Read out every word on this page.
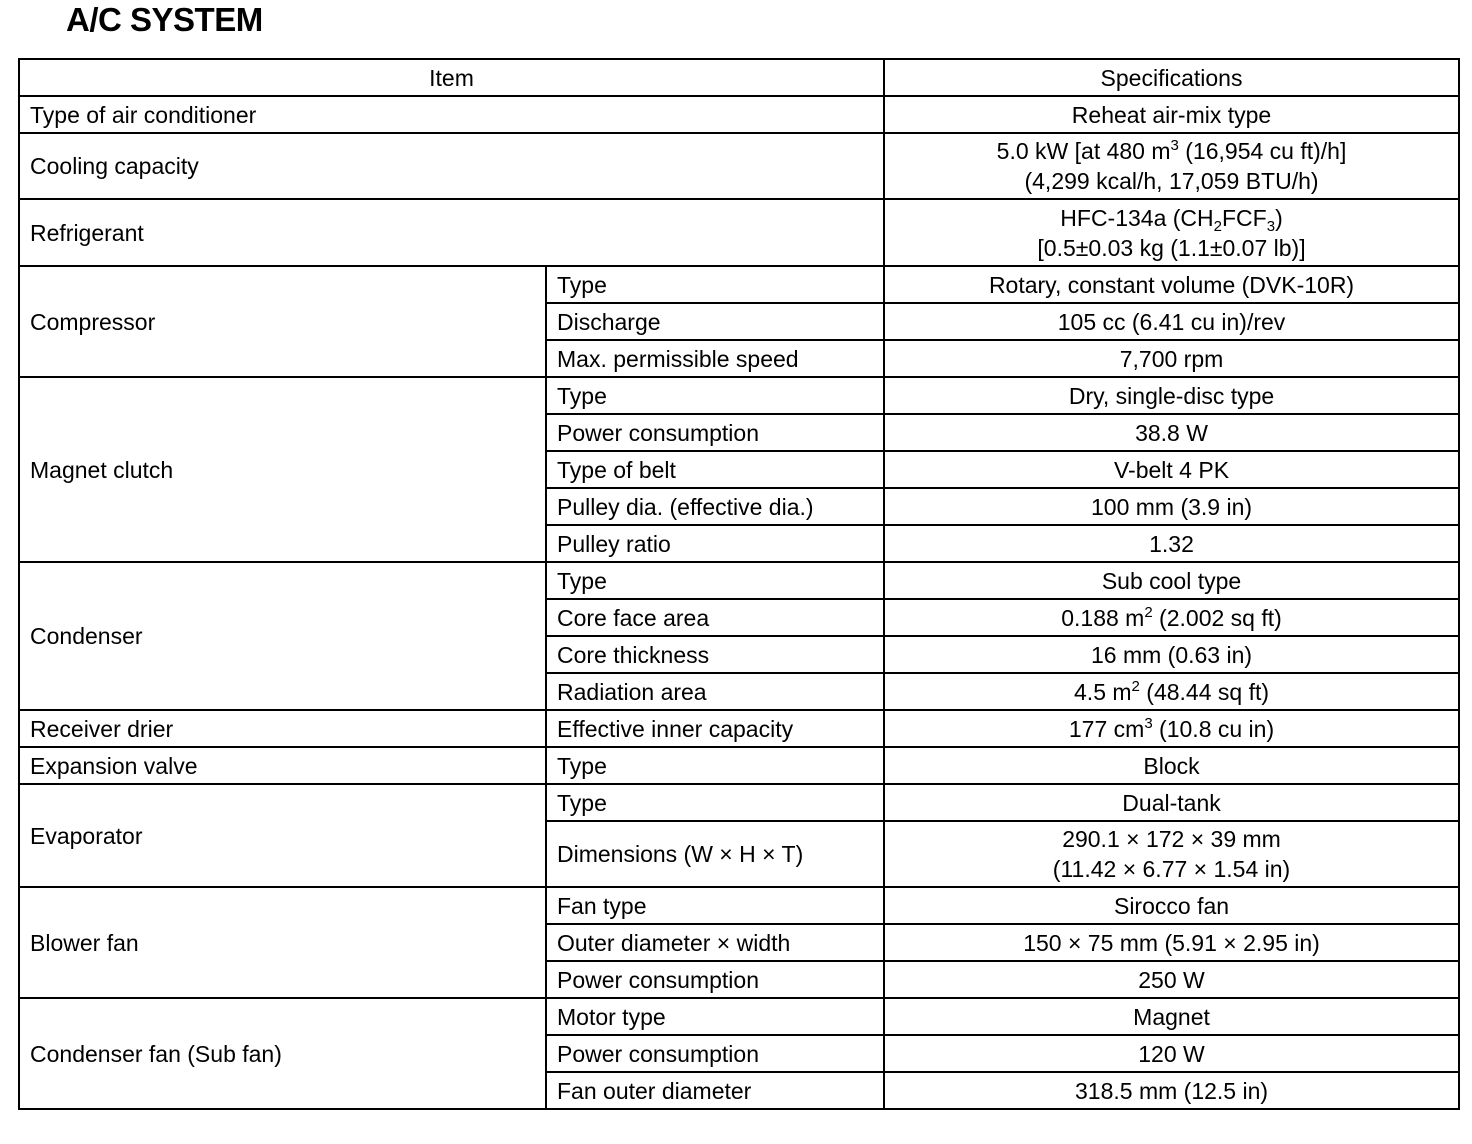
A/C SYSTEM
Item		Specifications
Type of air conditioner		Reheat air-mix type
Cooling capacity		5.0 kW [at 480 $m^3$ (16,954 cu ft)/h]
(4,299 kcal/h, 17,059 BTU/h)

Refrigerant		HFC-134a $(CH_2FCF_3)$
[0.5±0.03 kg (1.1±0.07 lb)]

Compressor	Type	Rotary, constant volume (DVK-10R)
	Discharge	105 cc (6.41 cu in)/rev
	Max. permissible speed	7,700 rpm
Magnet clutch	Type	Dry, single-disc type
	Power consumption	38.8 W
	Type of belt	V-belt 4 PK
	Pulley dia. (effective dia.)	100 mm (3.9 in)
	Pulley ratio	1.32
Condenser	Type	Sub cool type
	Core face area	0.188 $m^2$ (2.002 sq ft)
	Core thickness	16 mm (0.63 in)
	Radiation area	4.5 $m^2$ (48.44 sq ft)
Receiver drier	Effective inner capacity	177 $cm^3$ (10.8 cu in)
Expansion valve	Type	Block
Evaporator	Type	Dual-tank
	Dimensions (W × H × T)	290.1 × 172 × 39 mm
(11.42 × 6.77 × 1.54 in)

Blower fan	Fan type	Sirocco fan
	Outer diameter × width	150 × 75 mm (5.91 × 2.95 in)
	Power consumption	250 W
Condenser fan (Sub fan)	Motor type	Magnet
	Power consumption	120 W
	Fan outer diameter	318.5 mm (12.5 in)
